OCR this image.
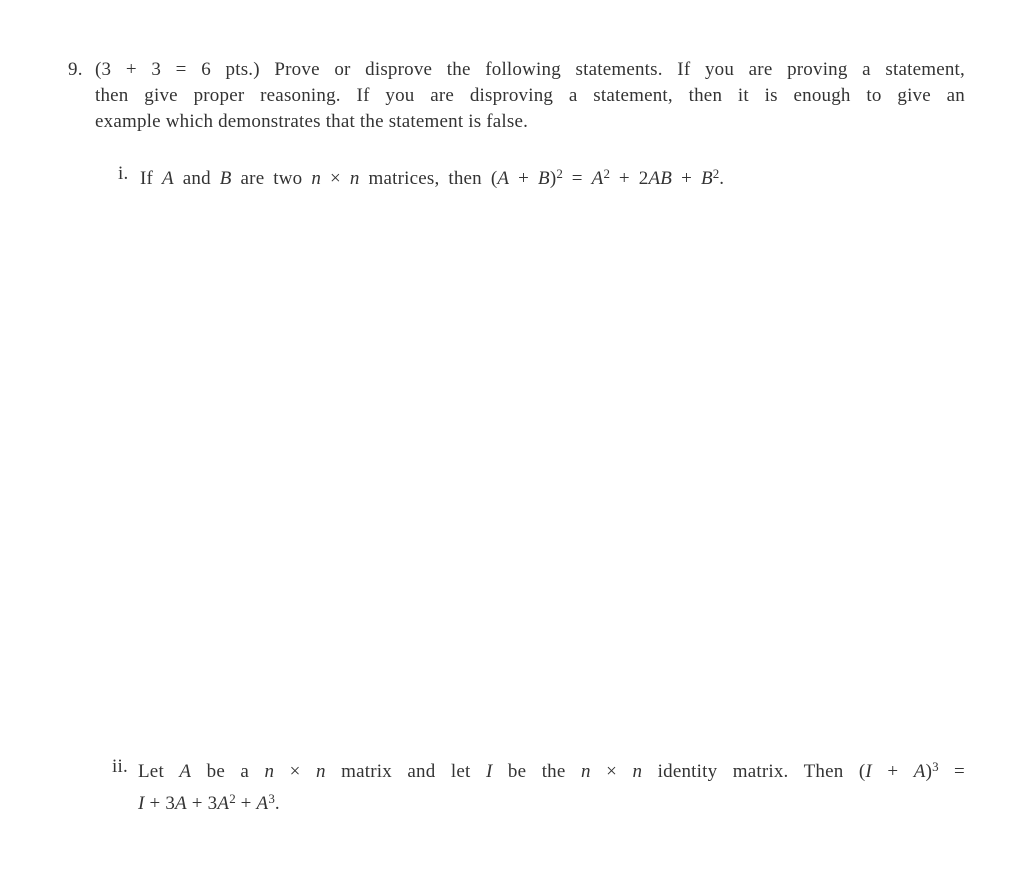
9. (3 + 3 = 6 pts.) Prove or disprove the following statements. If you are proving a statement,
then give proper reasoning. If you are disproving a statement, then it is enough to give an
example which demonstrates that the statement is false.
i. If A and B are two n × n matrices, then $(A + B)^2 = A^2 + 2AB + B^2$.
ii. Let A be a n × n matrix and let I be the n × n identity matrix. Then $(I + A)^3$ =
$I + 3A + 3A^2 + A^3$.
